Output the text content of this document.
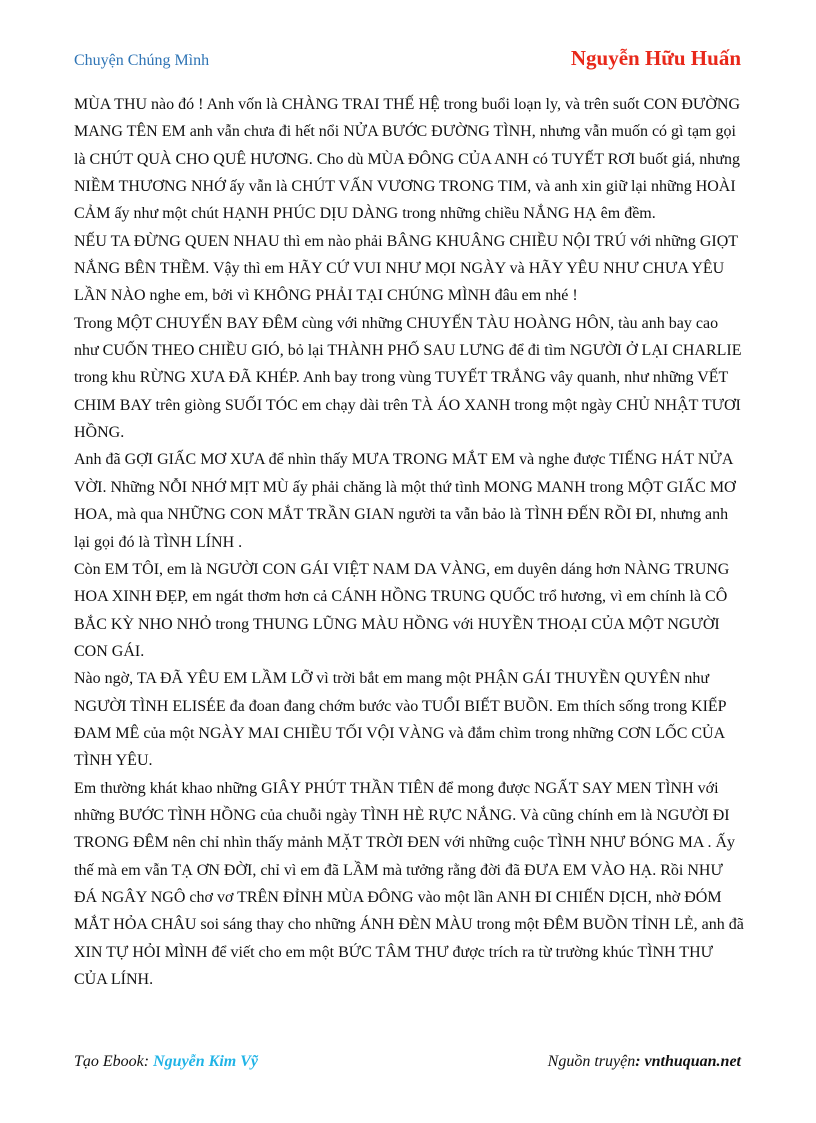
Chuyện Chúng Mình	Nguyễn Hữu Huấn

MÙA THU nào đó ! Anh vốn là CHÀNG TRAI THẾ HỆ trong buổi loạn ly, và trên suốt CON ĐƯỜNG MANG TÊN EM anh vẫn chưa đi hết nổi NỬA BƯỚC ĐƯỜNG TÌNH, nhưng vẫn muốn có gì tạm gọi là CHÚT QUÀ CHO QUÊ HƯƠNG. Cho dù MÙA ĐÔNG CỦA ANH có TUYẾT RƠI buốt giá, nhưng NIỀM THƯƠNG NHỚ ấy vẫn là CHÚT VẤN VƯƠNG TRONG TIM, và anh xin giữ lại những HOÀI CẢM ấy như một chút HẠNH PHÚC DỊU DÀNG trong những chiều NẮNG HẠ êm đềm.

NẾU TA ĐỪNG QUEN NHAU thì em nào phải BÂNG KHUÂNG CHIỀU NỘI TRÚ với những GIỌT NẮNG BÊN THỀM. Vậy thì em HÃY CỨ VUI NHƯ MỌI NGÀY và HÃY YÊU NHƯ CHƯA YÊU LẦN NÀO nghe em, bởi vì KHÔNG PHẢI TẠI CHÚNG MÌNH đâu em nhé !

Trong MỘT CHUYẾN BAY ĐÊM cùng với những CHUYẾN TÀU HOÀNG HÔN, tàu anh bay cao như CUỐN THEO CHIỀU GIÓ, bỏ lại THÀNH PHỐ SAU LƯNG để đi tìm NGƯỜI Ở LẠI CHARLIE trong khu RỪNG XƯA ĐÃ KHÉP. Anh bay trong vùng TUYẾT TRẮNG vây quanh, như những VẾT CHIM BAY trên giòng SUỐI TÓC em chạy dài trên TÀ ÁO XANH trong một ngày CHỦ NHẬT TƯƠI HỒNG.

Anh đã GỢI GIẤC MƠ XƯA để nhìn thấy MƯA TRONG MẮT EM và nghe được TIẾNG HÁT NỬA VỜI. Những NỖI NHỚ MỊT MÙ ấy phải chăng là một thứ tình MONG MANH trong MỘT GIẤC MƠ HOA, mà qua NHỮNG CON MẮT TRẦN GIAN người ta vẫn bảo là TÌNH ĐẾN RỒI ĐI, nhưng anh lại gọi đó là TÌNH LÍNH .

Còn EM TÔI, em là NGƯỜI CON GÁI VIỆT NAM DA VÀNG, em duyên dáng hơn NÀNG TRUNG HOA XINH ĐẸP, em ngát thơm hơn cả CÁNH HỒNG TRUNG QUỐC trổ hương, vì em chính là CÔ BẮC KỲ NHO NHỎ trong THUNG LŨNG MÀU HỒNG với HUYỀN THOẠI CỦA MỘT NGƯỜI CON GÁI.

Nào ngờ, TA ĐÃ YÊU EM LẦM LỠ vì trời bắt em mang một PHẬN GÁI THUYỀN QUYÊN như NGƯỜI TÌNH ELISÉE đa đoan đang chớm bước vào TUỔI BIẾT BUỒN. Em thích sống trong KIẾP ĐAM MÊ của một NGÀY MAI CHIỀU TỐI VỘI VÀNG và đắm chìm trong những CƠN LỐC CỦA TÌNH YÊU.

Em thường khát khao những GIÂY PHÚT THẦN TIÊN để mong được NGẤT SAY MEN TÌNH với những BƯỚC TÌNH HỒNG của chuỗi ngày TÌNH HÈ RỰC NẮNG. Và cũng chính em là NGƯỜI ĐI TRONG ĐÊM nên chỉ nhìn thấy mảnh MẶT TRỜI ĐEN với những cuộc TÌNH NHƯ BÓNG MA . Ấy thế mà em vẫn TẠ ƠN ĐỜI, chỉ vì em đã LẦM mà tưởng rằng đời đã ĐƯA EM VÀO HẠ. Rồi NHƯ ĐÁ NGÂY NGÔ chơ vơ TRÊN ĐỈNH MÙA ĐÔNG vào một lần ANH ĐI CHIẾN DỊCH, nhờ ĐÓM MẮT HỎA CHÂU soi sáng thay cho những ÁNH ĐÈN MÀU trong một ĐÊM BUỒN TỈNH LẺ, anh đã XIN TỰ HỎI MÌNH để viết cho em một BỨC TÂM THƯ được trích ra từ trường khúc TÌNH THƯ CỦA LÍNH.

Tạo Ebook: Nguyễn Kim Vỹ	Nguồn truyện: vnthuquan.net
